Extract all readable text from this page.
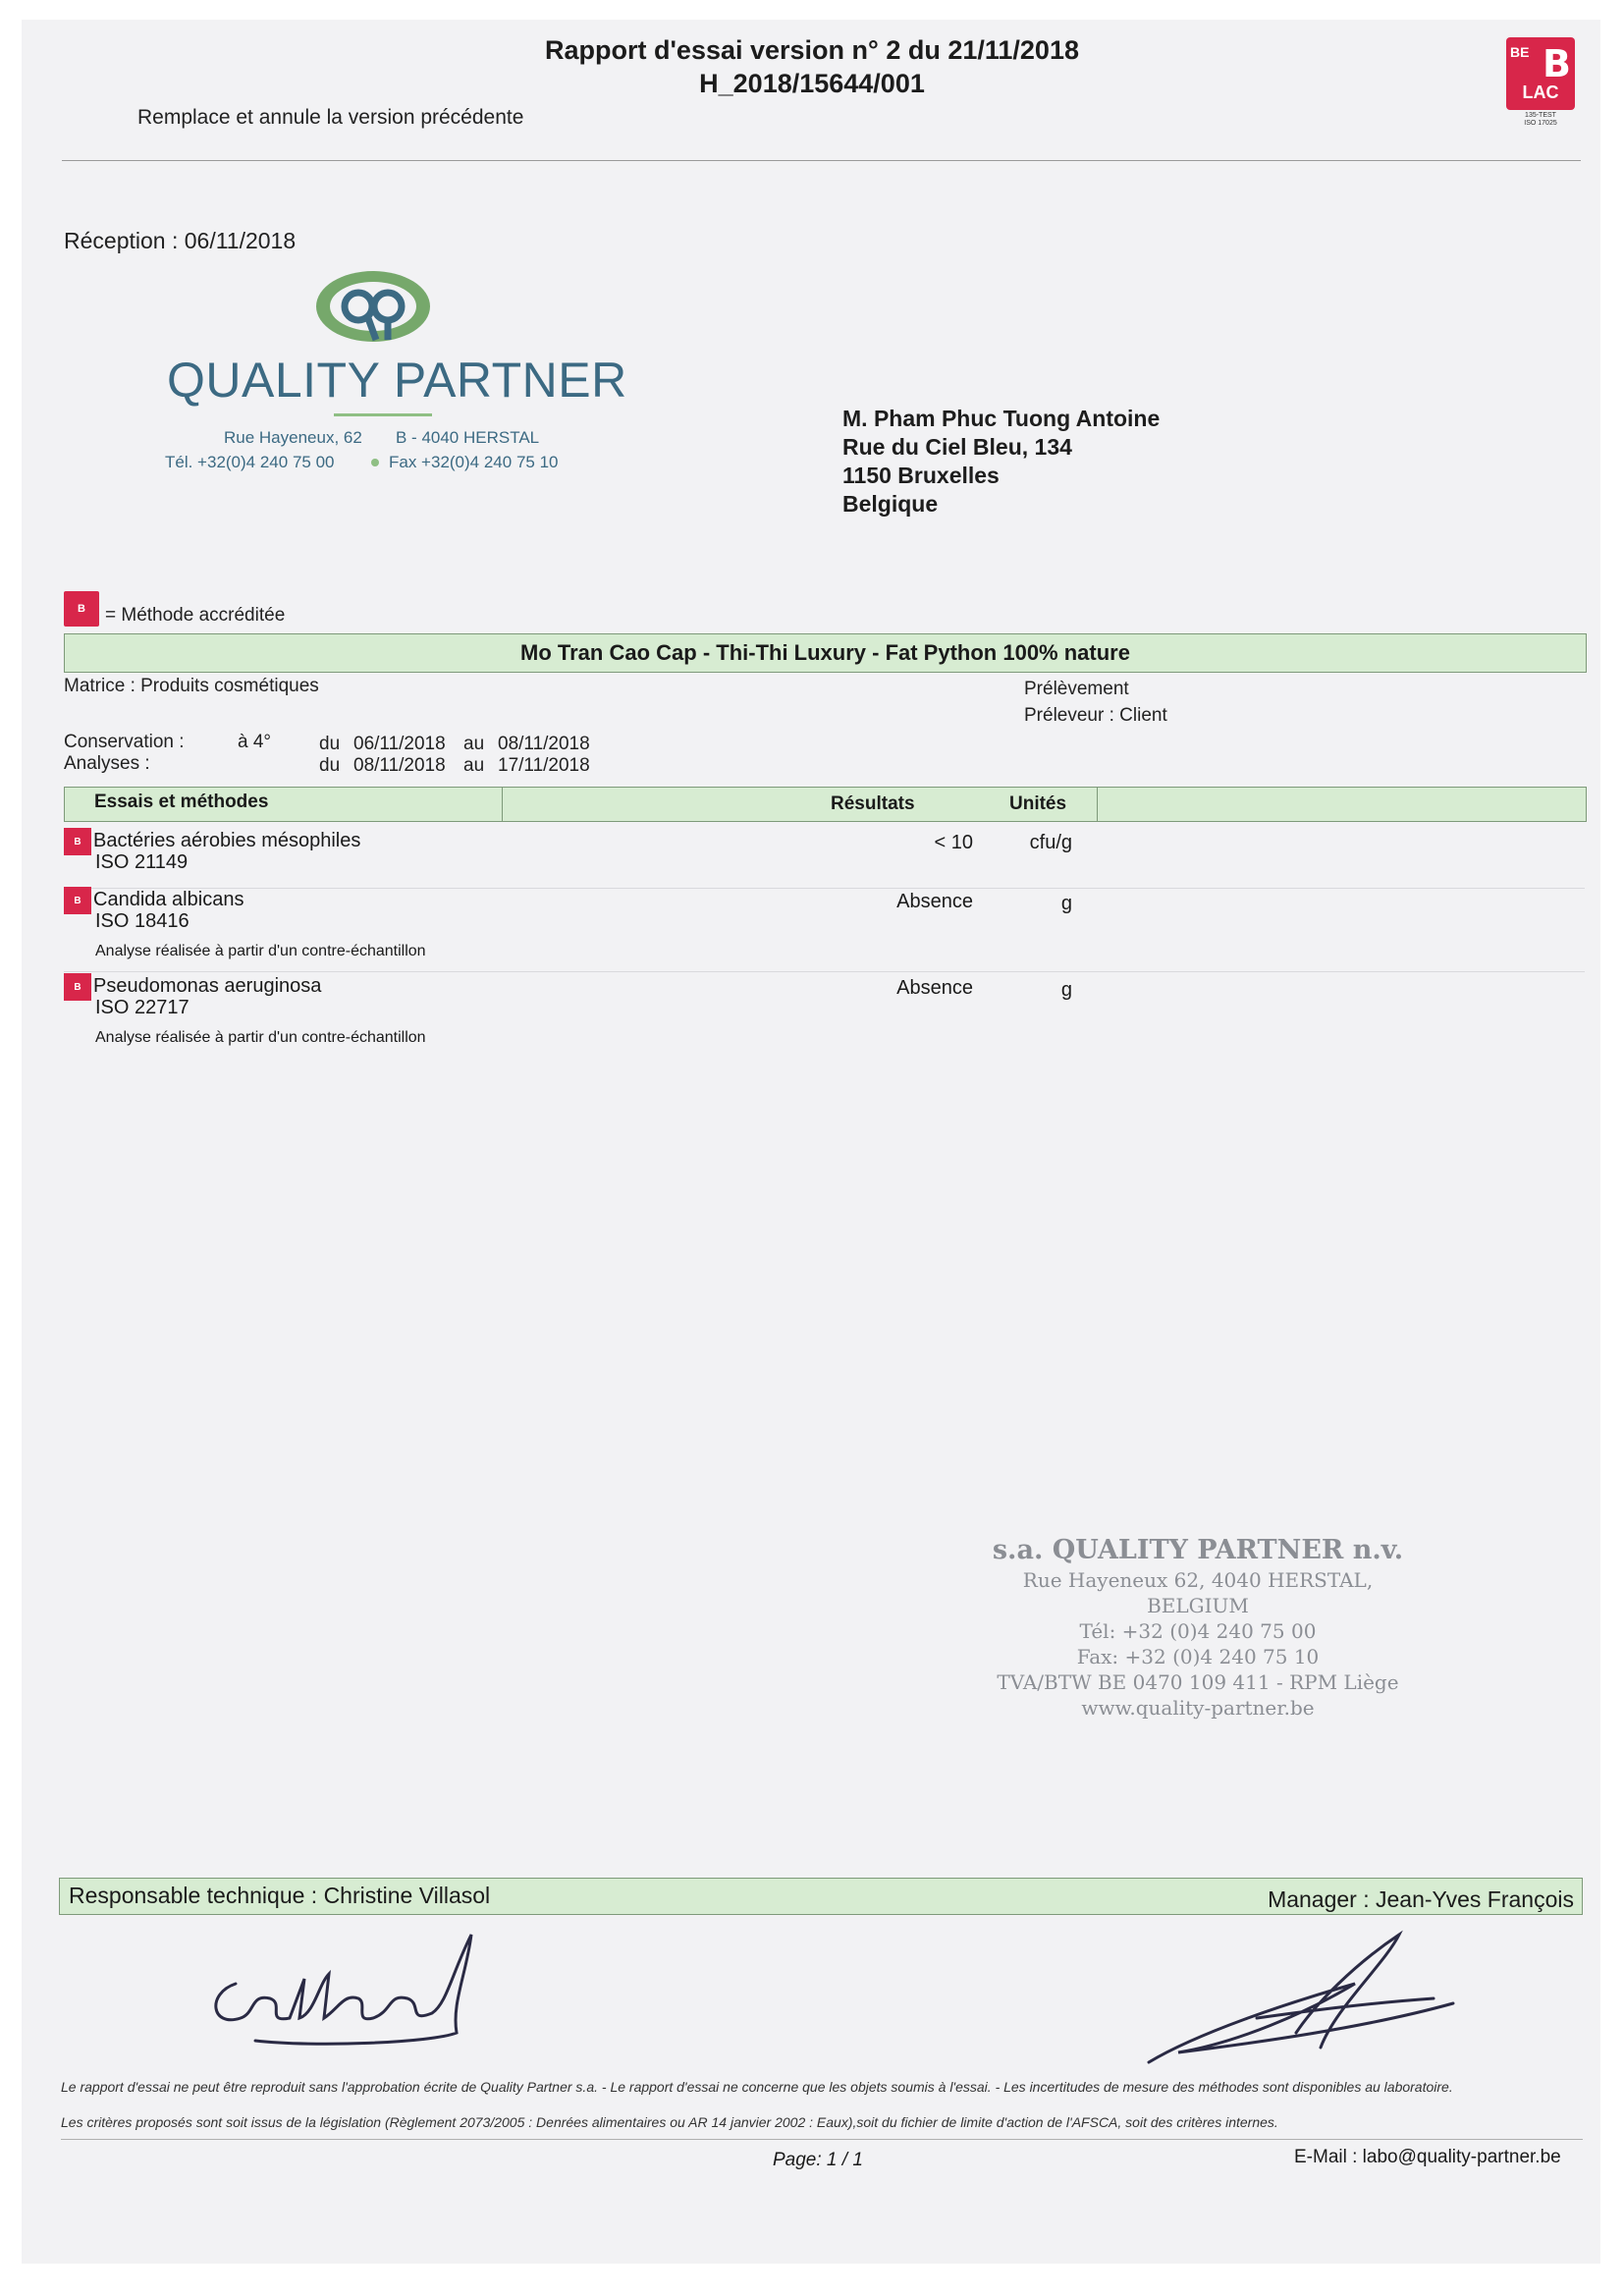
Rapport d'essai version n° 2 du 21/11/2018
H_2018/15644/001
Remplace et annule la version précédente
BE B
LAC
135-TEST
ISO 17025
Réception : 06/11/2018
QUALITY PARTNER
Rue Hayeneux, 62 B - 4040 HERSTAL
Tél. +32(0)4 240 75 00	Fax +32(0)4 240 75 10
M. Pham Phuc Tuong Antoine
Rue du Ciel Bleu, 134
1150 Bruxelles
Belgique
B	= Méthode accréditée
Mo Tran Cao Cap - Thi-Thi Luxury - Fat Python 100% nature
Matrice : Produits cosmétiques	Prélèvement
Préleveur : Client
Conservation :	à 4°	du 06/11/2018 au 08/11/2018
Analyses :	du 08/11/2018 au 17/11/2018
Essais et méthodes	Résultats	Unités
B Bactéries aérobies mésophiles
ISO 21149
< 10	cfu/g
B Candida albicans
ISO 18416
Analyse réalisée à partir d'un contre-échantillon
Absence	g
B Pseudomonas aeruginosa
ISO 22717
Analyse réalisée à partir d'un contre-échantillon
Absence	g
s.a. QUALITY PARTNER n.v.
Rue Hayeneux 62, 4040 HERSTAL, BELGIUM
Tél: +32 (0)4 240 75 00
Fax: +32 (0)4 240 75 10
TVA/BTW BE 0470 109 411 - RPM Liège
www.quality-partner.be
Responsable technique : Christine Villasol	Manager : Jean-Yves François
Le rapport d'essai ne peut être reproduit sans l'approbation écrite de Quality Partner s.a. - Le rapport d'essai ne concerne que les objets soumis à l'essai. - Les incertitudes de mesure des méthodes sont disponibles au laboratoire.
Les critères proposés sont soit issus de la législation (Règlement 2073/2005 : Denrées alimentaires ou AR 14 janvier 2002 : Eaux),soit du fichier de limite d'action de l'AFSCA, soit des critères internes.
Page: 1 / 1	E-Mail : labo@quality-partner.be
